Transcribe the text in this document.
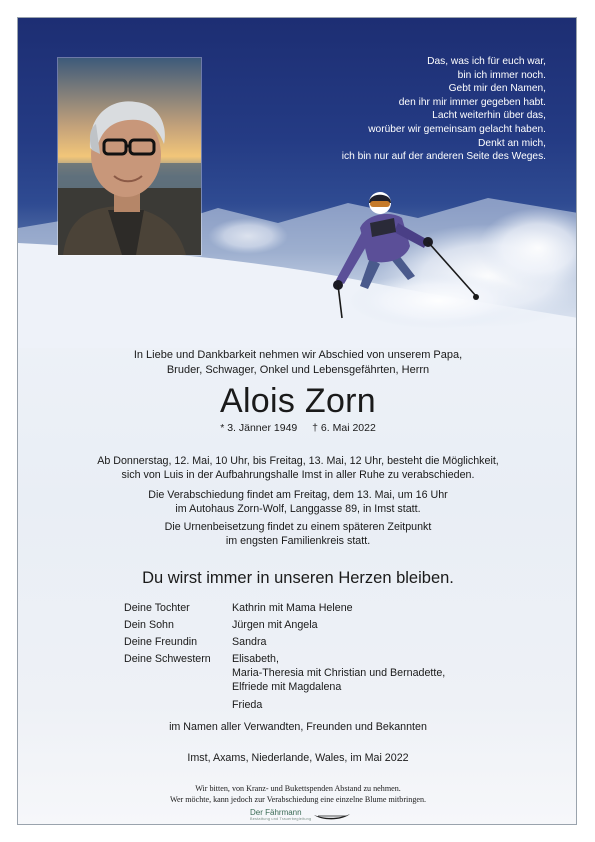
Das, was ich für euch war,
bin ich immer noch.
Gebt mir den Namen,
den ihr mir immer gegeben habt.
Lacht weiterhin über das,
worüber wir gemeinsam gelacht haben.
Denkt an mich,
ich bin nur auf der anderen Seite des Weges.
In Liebe und Dankbarkeit nehmen wir Abschied von unserem Papa,
Bruder, Schwager, Onkel und Lebensgefährten, Herrn
Alois Zorn
* 3. Jänner 1949 † 6. Mai 2022
Ab Donnerstag, 12. Mai, 10 Uhr, bis Freitag, 13. Mai, 12 Uhr, besteht die Möglichkeit,
sich von Luis in der Aufbahrungshalle Imst in aller Ruhe zu verabschieden.
Die Verabschiedung findet am Freitag, dem 13. Mai, um 16 Uhr
im Autohaus Zorn-Wolf, Langgasse 89, in Imst statt.
Die Urnenbeisetzung findet zu einem späteren Zeitpunkt
im engsten Familienkreis statt.
Du wirst immer in unseren Herzen bleiben.
Deine Tochter	Kathrin mit Mama Helene
Dein Sohn	Jürgen mit Angela
Deine Freundin	Sandra
Deine Schwestern	Elisabeth,
Maria-Theresia mit Christian und Bernadette,
Elfriede mit Magdalena
Frieda
im Namen aller Verwandten, Freunden und Bekannten
Imst, Axams, Niederlande, Wales, im Mai 2022
Wir bitten, von Kranz- und Bukettspenden Abstand zu nehmen.
Wer möchte, kann jedoch zur Verabschiedung eine einzelne Blume mitbringen.
Der Fährmann
Bestattung und Trauerbegleitung
